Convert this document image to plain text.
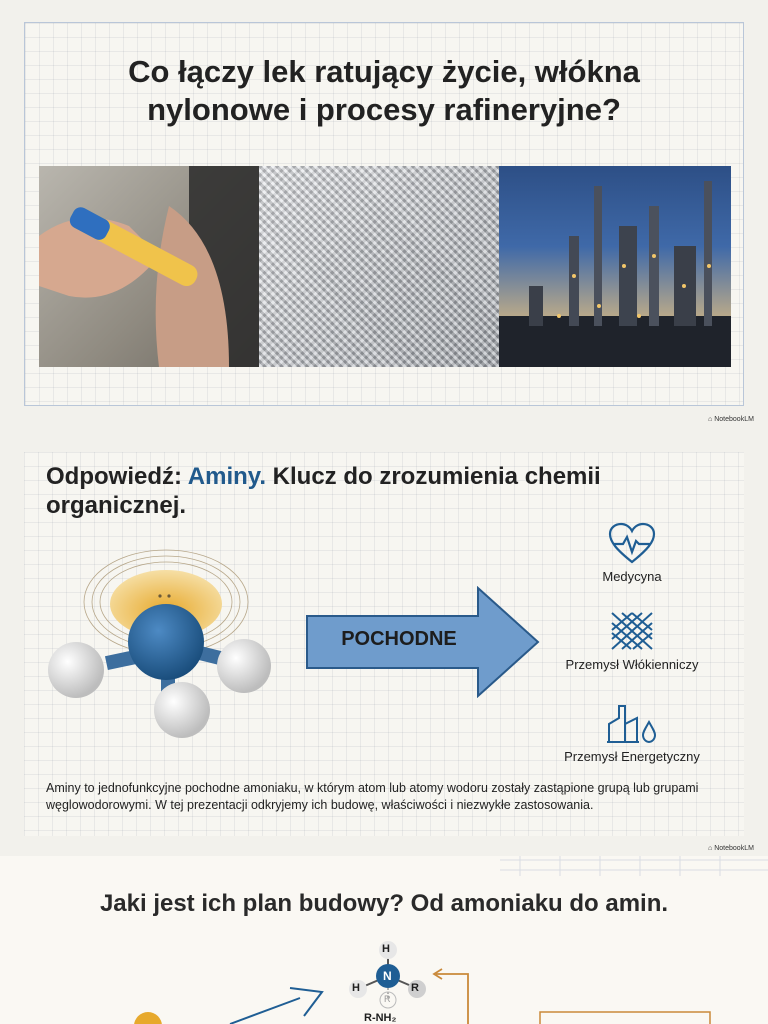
Co łączy lek ratujący życie, włókna
nylonowe i procesy rafineryjne?
⌂ NotebookLM
Odpowiedź: Aminy. Klucz do zrozumienia chemii organicznej.
POCHODNE
Medycyna
Przemysł Włókienniczy
Przemysł Energetyczny

Aminy to jednofunkcyjne pochodne amoniaku, w którym atom lub atomy wodoru zostały zastąpione grupą lub grupami węglowodorowymi. W tej prezentacji odkryjemy ich budowę, właściwości i niezwykłe zastosowania.

⌂ NotebookLM
Jaki jest ich plan budowy? Od amoniaku do amin.
H
H
N
R
R
R-NH₂
